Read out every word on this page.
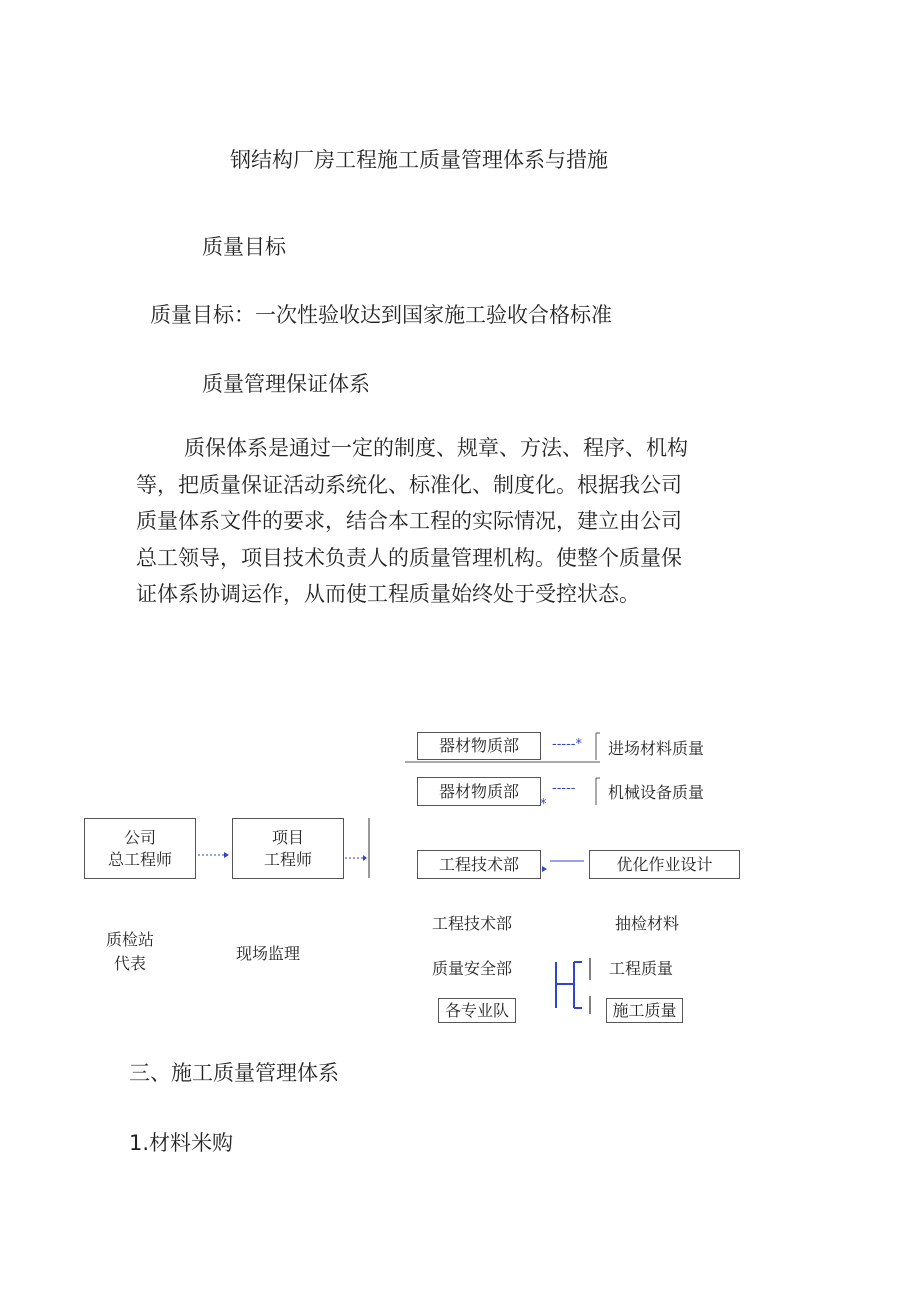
钢结构厂房工程施工质量管理体系与措施
质量目标
质量目标：一次性验收达到国家施工验收合格标准
质量管理保证体系
质保体系是通过一定的制度、规章、方法、程序、机构
等，把质量保证活动系统化、标准化、制度化。根据我公司
质量体系文件的要求，结合本工程的实际情况，建立由公司
总工领导，项目技术负责人的质量管理机构。使整个质量保
证体系协调运作，从而使工程质量始终处于受控状态。
公司
总工程师
项目
工程师
器材物质部
器材物质部
工程技术部	优化作业设计
各专业队	施工质量
-----*
-----
*
进场材料质量
机械设备质量
质检站
代表
现场监理
工程技术部	抽检材料
质量安全部	工程质量
三、施工质量管理体系
1.材料米购
